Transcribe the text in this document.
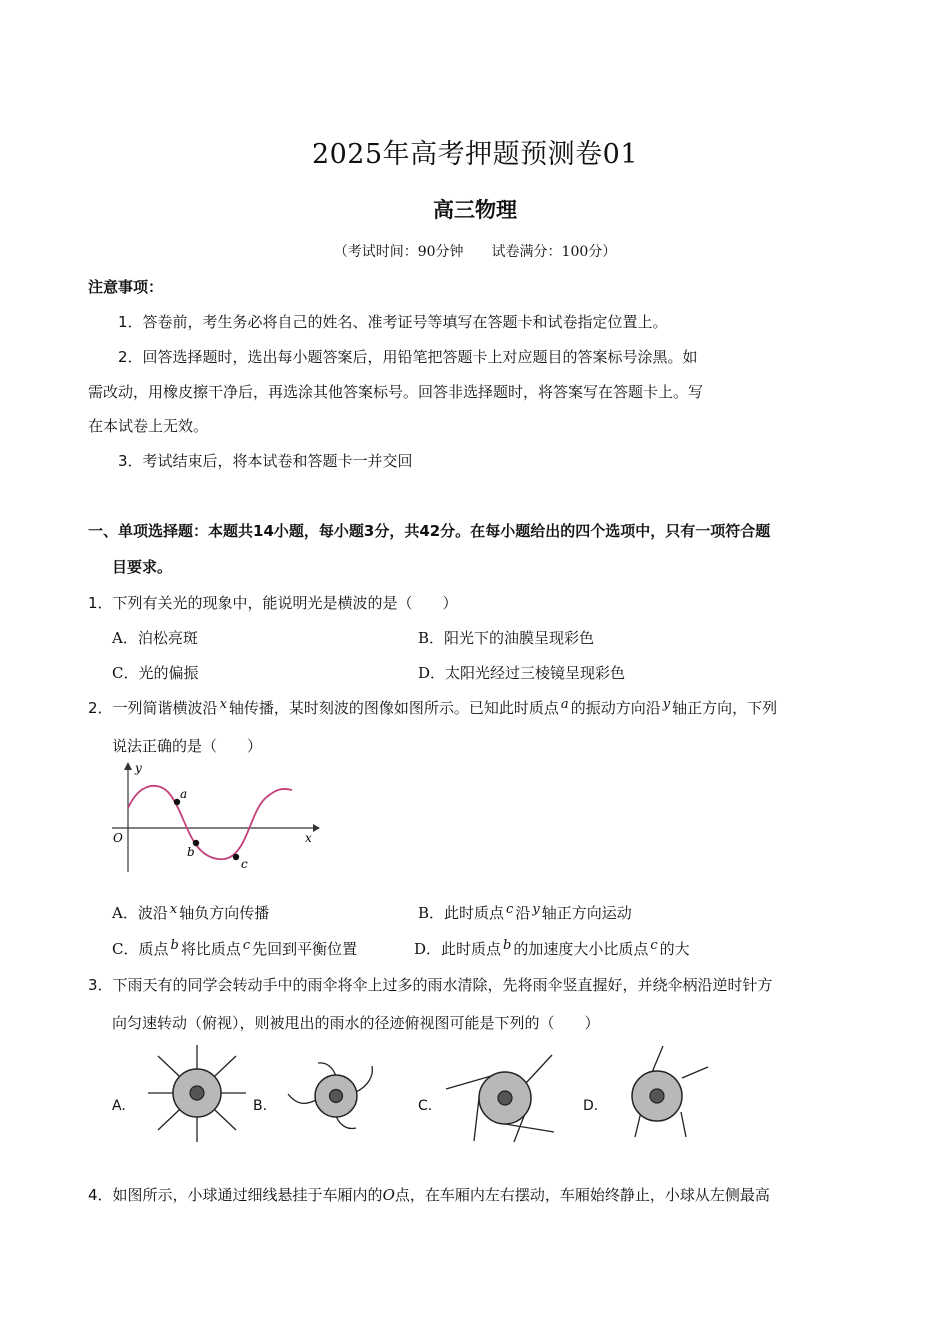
2025年高考押题预测卷01
高三物理
（考试时间：90分钟 试卷满分：100分）
注意事项：
1．答卷前，考生务必将自己的姓名、准考证号等填写在答题卡和试卷指定位置上。
2．回答选择题时，选出每小题答案后，用铅笔把答题卡上对应题目的答案标号涂黑。如
需改动，用橡皮擦干净后，再选涂其他答案标号。回答非选择题时，将答案写在答题卡上。写
在本试卷上无效。
3．考试结束后，将本试卷和答题卡一并交回
一、单项选择题：本题共14小题，每小题3分，共42分。在每小题给出的四个选项中，只有一项符合题
目要求。
1．下列有关光的现象中，能说明光是横波的是（　　）
A．泊松亮斑	B．阳光下的油膜呈现彩色
C．光的偏振	D．太阳光经过三棱镜呈现彩色
2．一列简谐横波沿 x 轴传播，某时刻波的图像如图所示。已知此时质点 a 的振动方向沿 y 轴正方向，下列
说法正确的是（　　）
y
x
O
a
b
c
A．波沿 x 轴负方向传播	B．此时质点 c 沿 y 轴正方向运动
C．质点 b 将比质点 c 先回到平衡位置	D．此时质点 b 的加速度大小比质点 c 的大
3．下雨天有的同学会转动手中的雨伞将伞上过多的雨水清除，先将雨伞竖直握好，并绕伞柄沿逆时针方
向匀速转动（俯视），则被甩出的雨水的径迹俯视图可能是下列的（　　）
A.	B.	C.	D.
4．如图所示，小球通过细线悬挂于车厢内的O点，在车厢内左右摆动，车厢始终静止，小球从左侧最高
